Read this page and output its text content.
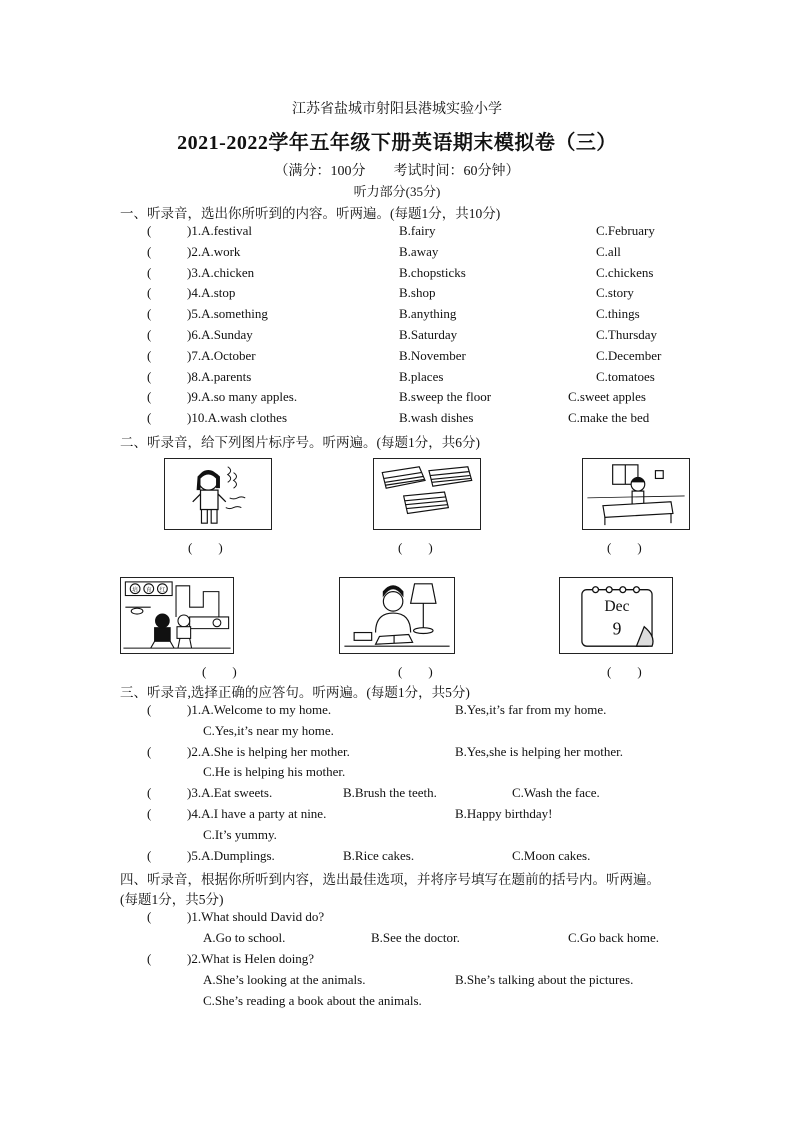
江苏省盐城市射阳县港城实验小学
2021-2022学年五年级下册英语期末模拟卷（三）
（满分：100分　　考试时间：60分钟）
听力部分(35分)
一、听录音，选出你所听到的内容。听两遍。(每题1分，共10分)
(	)1.A.festival	B.fairy	C.February
(	)2.A.work	B.away	C.all
(	)3.A.chicken	B.chopsticks	C.chickens
(	)4.A.stop	B.shop	C.story
(	)5.A.something	B.anything	C.things
(	)6.A.Sunday	B.Saturday	C.Thursday
(	)7.A.October	B.November	C.December
(	)8.A.parents	B.places	C.tomatoes
(	)9.A.so many apples.	B.sweep the floor	C.sweet apples
(	)10.A.wash clothes	B.wash dishes	C.make the bed
二、听录音，给下列图片标序号。听两遍。(每题1分，共6分)
(　　)	(　　)	(　　)
培 育 红
Dec
9
(　　)	(　　)	(　　)
三、听录音,选择正确的应答句。听两遍。(每题1分，共5分)
(	)1.A.Welcome to my home.	B.Yes,it’s far from my home.
C.Yes,it’s near my home.
(	)2.A.She is helping her mother.	B.Yes,she is helping her mother.
C.He is helping his mother.
(	)3.A.Eat sweets.	B.Brush the teeth.	C.Wash the face.
(	)4.A.I have a party at nine.	B.Happy birthday!
C.It’s yummy.
(	)5.A.Dumplings.	B.Rice cakes.	C.Moon cakes.
四、听录音，根据你所听到内容，选出最佳选项，并将序号填写在题前的括号内。听两遍。
(每题1分，共5分)
(	)1.What should David do?
A.Go to school.	B.See the doctor.	C.Go back home.
(	)2.What is Helen doing?
A.She’s looking at the animals.	B.She’s talking about the pictures.
C.She’s reading a book about the animals.
